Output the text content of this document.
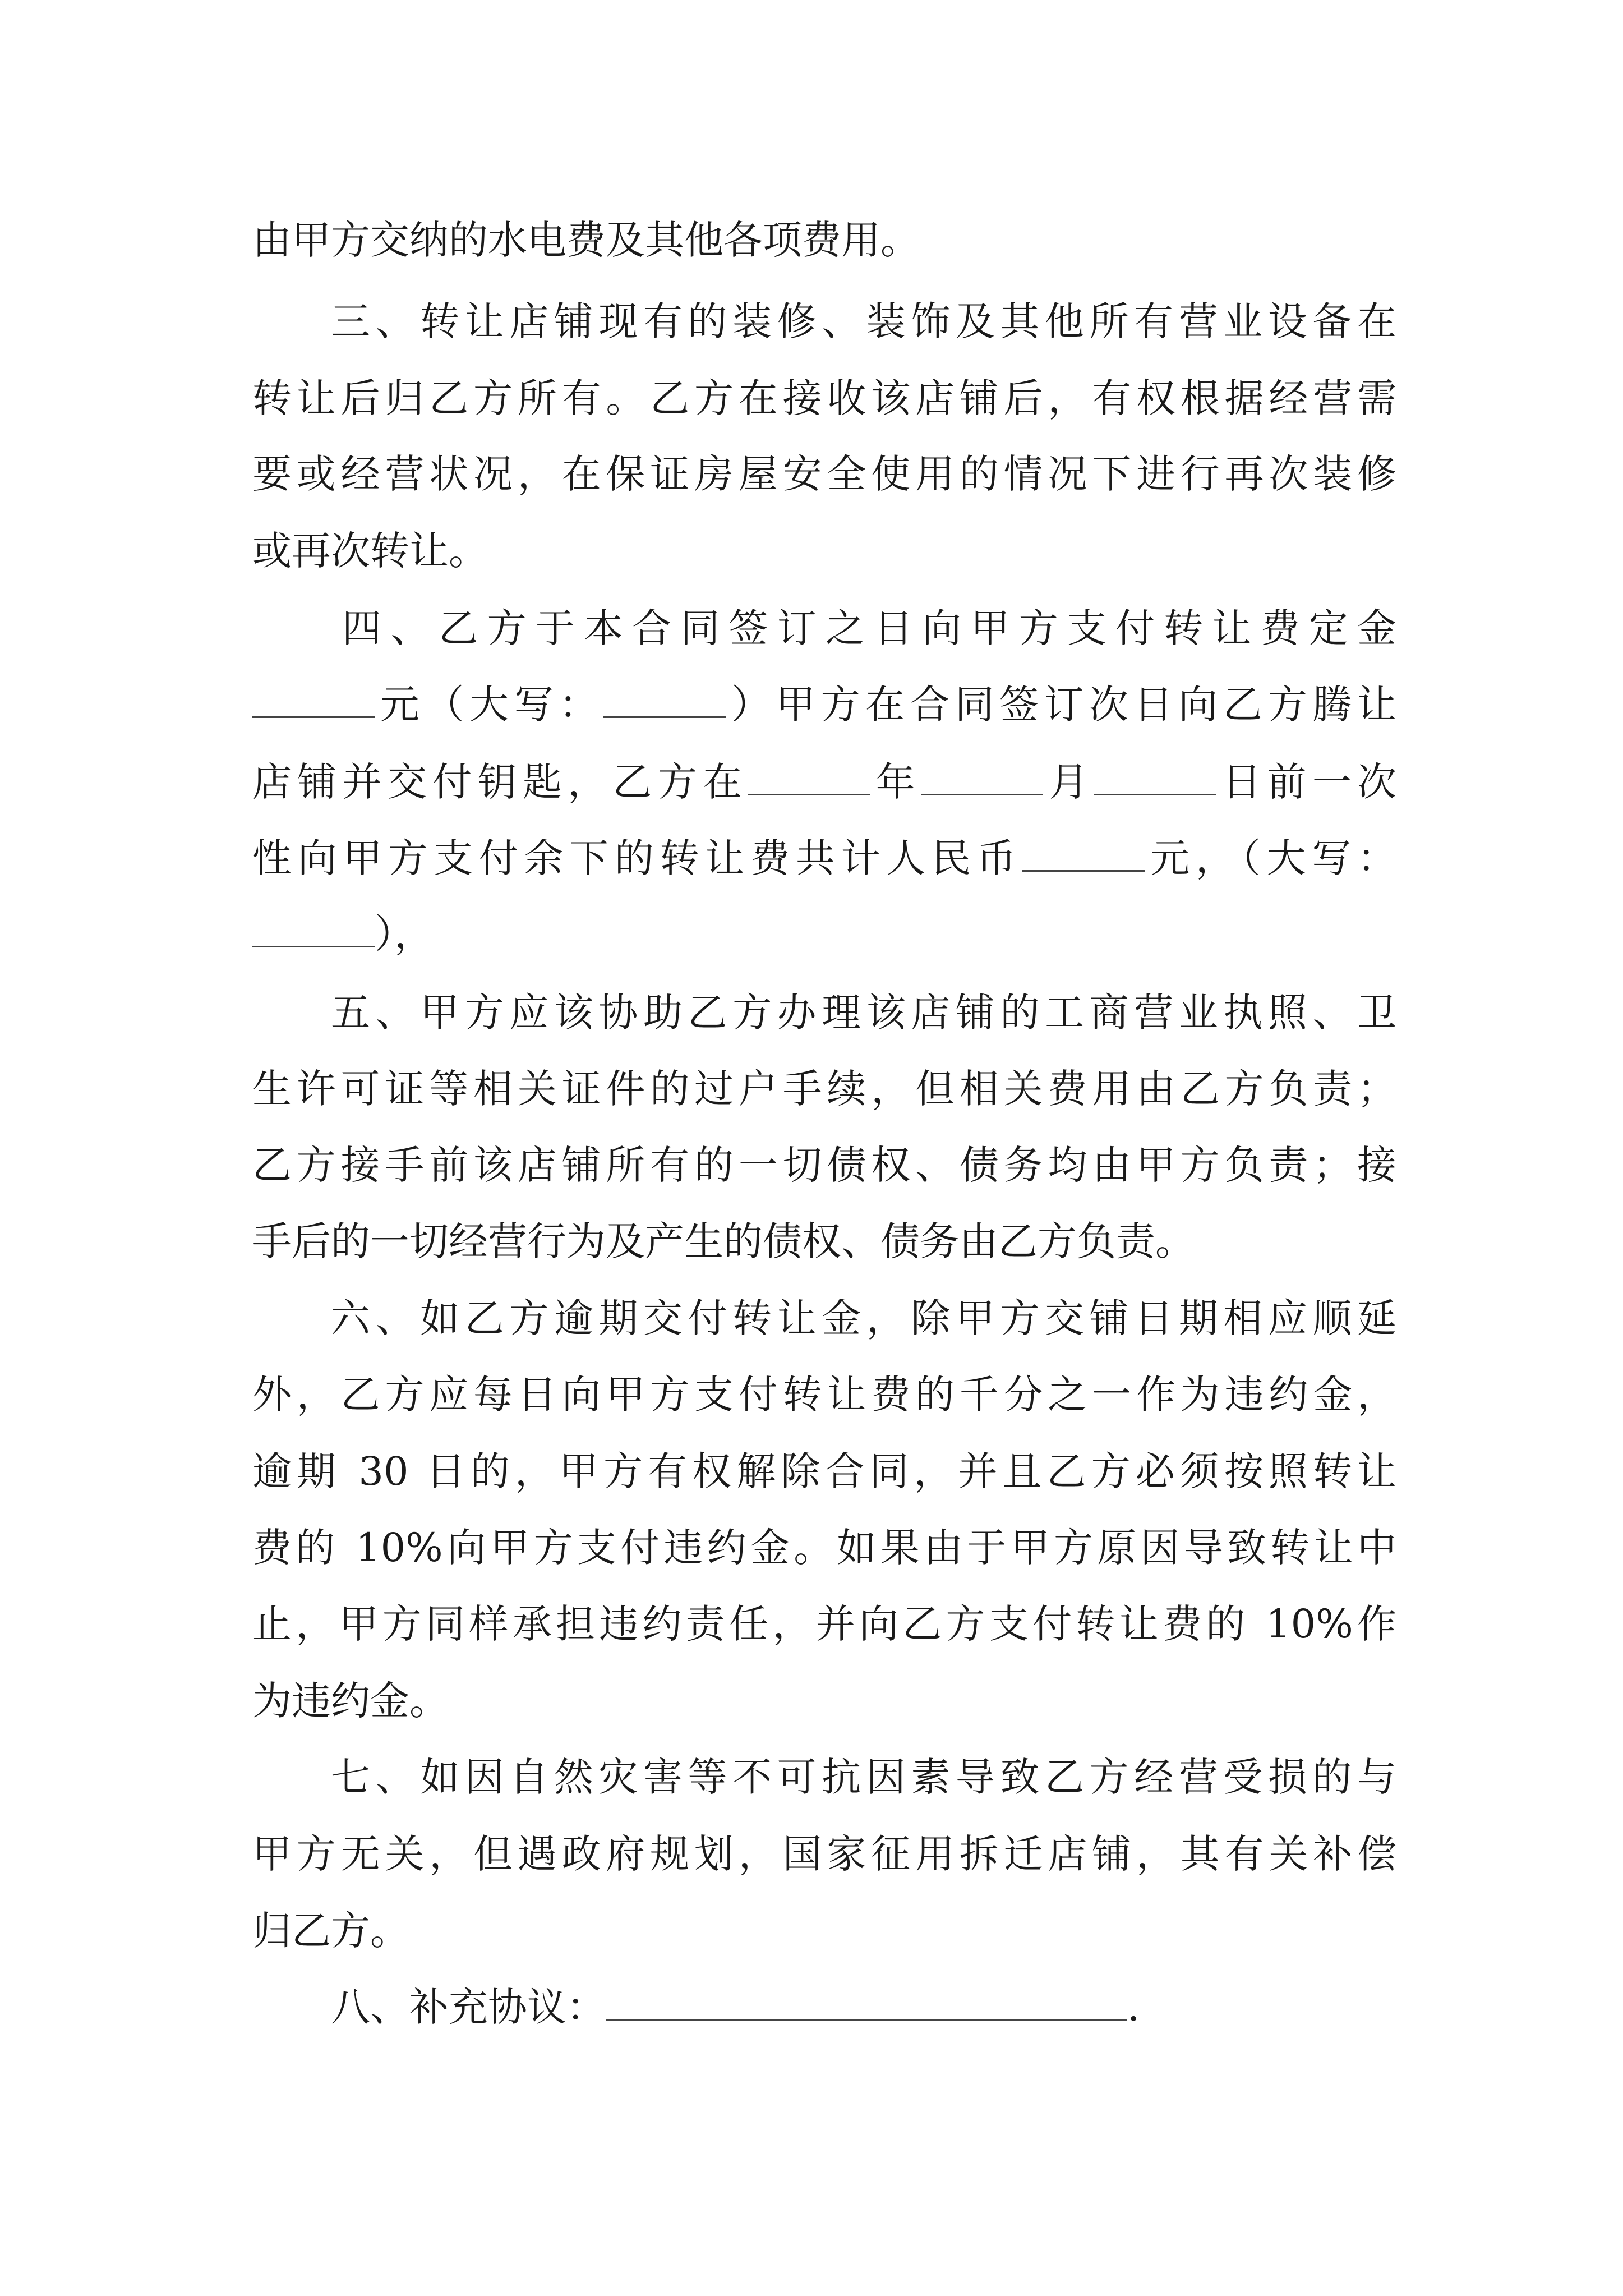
由甲方交纳的水电费及其他各项费用。
三、转让店铺现有的装修、装饰及其他所有营业设备在
转让后归乙方所有。乙方在接收该店铺后，有权根据经营需
要或经营状况，在保证房屋安全使用的情况下进行再次装修
或再次转让。
四、乙方于本合同签订之日向甲方支付转让费定金
元（大写：	）甲方在合同签订次日向乙方腾让
店铺并交付钥匙，乙方在	年	月	日前一次
性向甲方支付余下的转让费共计人民币	元，（大写：
），
五、甲方应该协助乙方办理该店铺的工商营业执照、卫
生许可证等相关证件的过户手续，但相关费用由乙方负责；
乙方接手前该店铺所有的一切债权、债务均由甲方负责；接
手后的一切经营行为及产生的债权、债务由乙方负责。
六、如乙方逾期交付转让金，除甲方交铺日期相应顺延
外，乙方应每日向甲方支付转让费的千分之一作为违约金，
逾期 30 日的，甲方有权解除合同，并且乙方必须按照转让
费的 10%向甲方支付违约金。如果由于甲方原因导致转让中
止，甲方同样承担违约责任，并向乙方支付转让费的 10%作
为违约金。
七、如因自然灾害等不可抗因素导致乙方经营受损的与
甲方无关，但遇政府规划，国家征用拆迁店铺，其有关补偿
归乙方。
八、补充协议：	.
